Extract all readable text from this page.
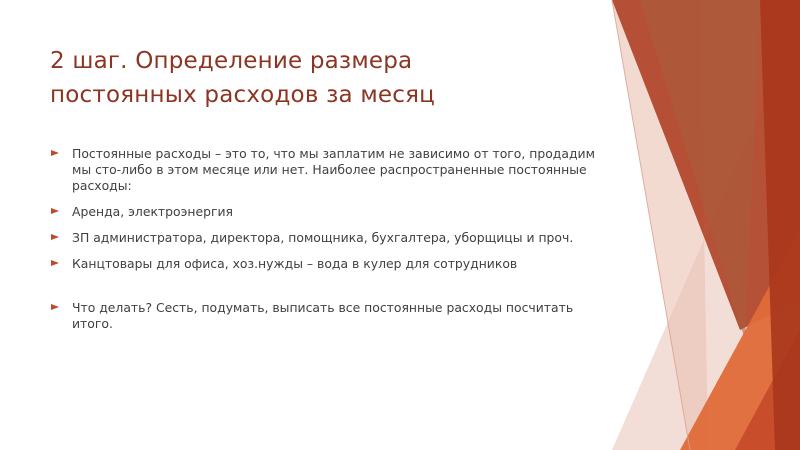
2 шаг. Определение размера
постоянных расходов за месяц
Постоянные расходы – это то, что мы заплатим не зависимо от того, продадим мы сто-либо в этом месяце или нет. Наиболее распространенные постоянные расходы:
Аренда, электроэнергия
ЗП администратора, директора, помощника, бухгалтера, уборщицы и проч.
Канцтовары для офиса, хоз.нужды – вода в кулер для сотрудников
Что делать? Сесть, подумать, выписать все постоянные расходы посчитать итого.
